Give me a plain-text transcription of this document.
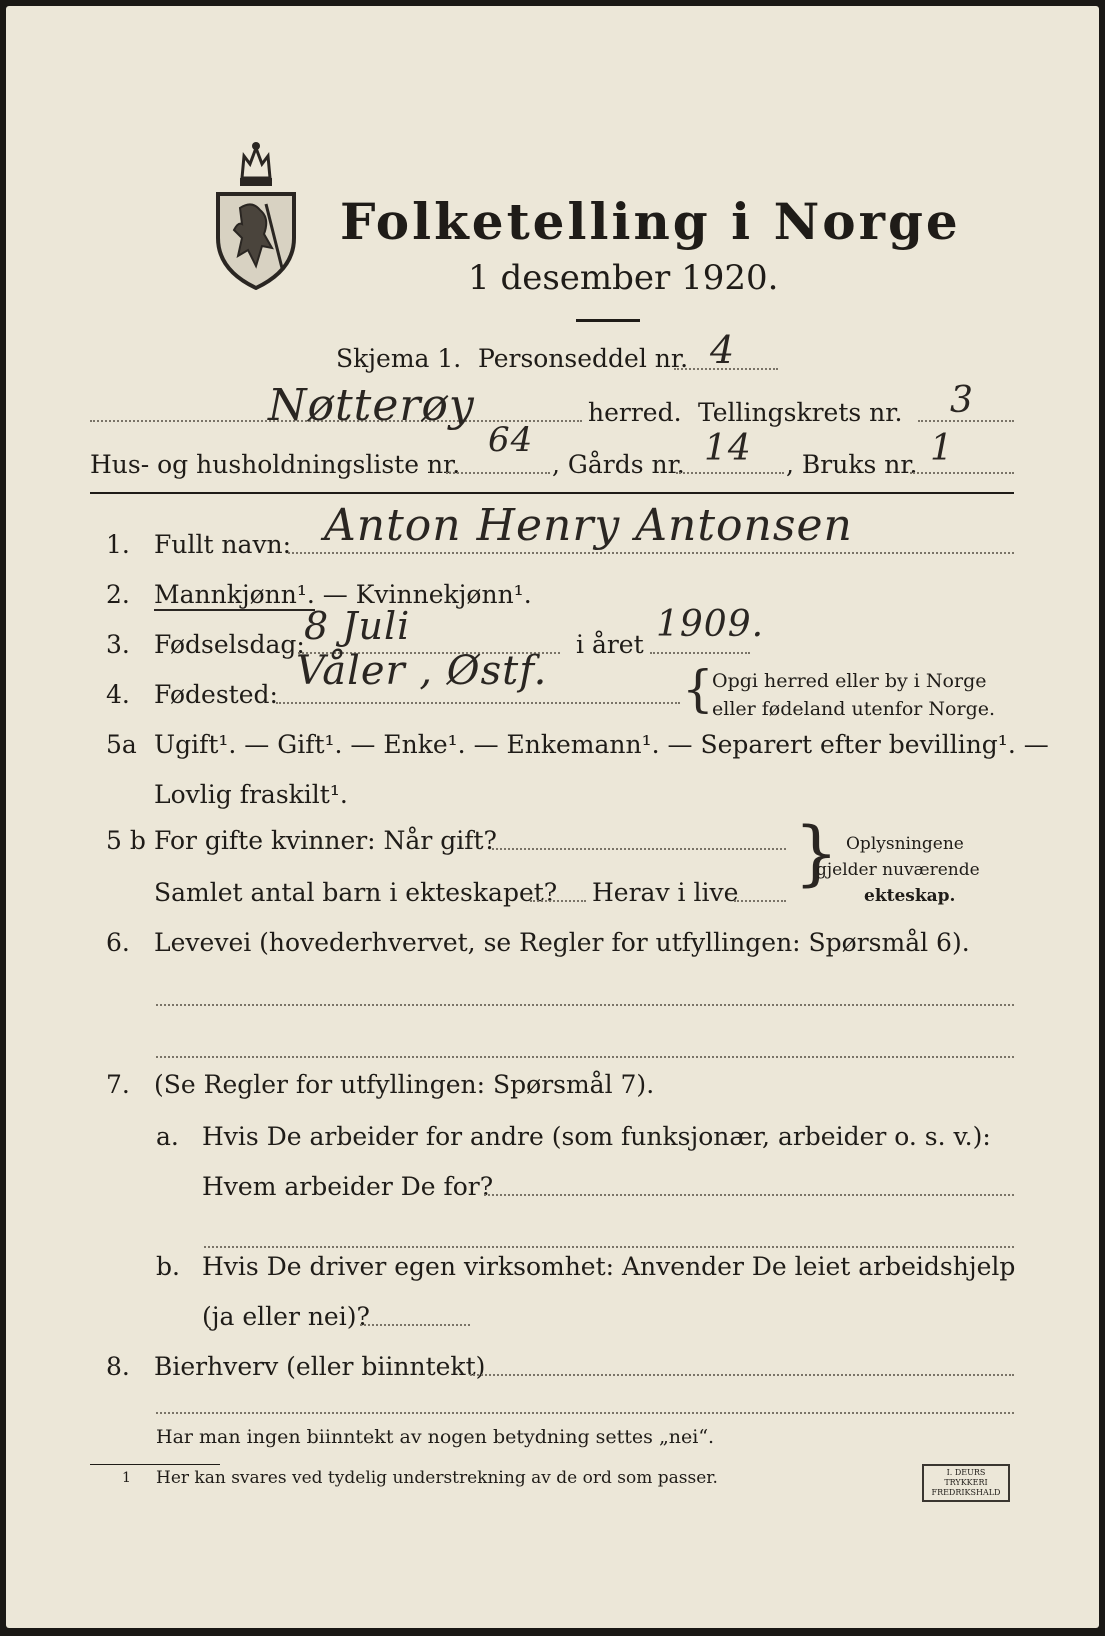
Folketelling i Norge
1 desember 1920.
Skjema 1. Personseddel nr. 4
Nøtterøy	herred. Tellingskrets nr. 3
Hus- og husholdningsliste nr.
64
, Gårds nr. 14 , Bruks nr. 1
1. Fullt navn: Anton Henry Antonsen
2. Mannkjønn¹. — Kvinnekjønn¹.
3. Fødselsdag: 8 Juli	i året 1909.
4. Fødested:
Våler , Østf.	{
Opgi herred eller by i Norge
eller fødeland utenfor Norge.
5a Ugift¹. — Gift¹. — Enke¹. — Enkemann¹. — Separert efter bevilling¹. —
Lovlig fraskilt¹.
5 b For gifte kvinner: Når gift?
Samlet antal barn i ekteskapet? Herav i live } Oplysningene
gjelder nuværende
ekteskap.
6. Levevei (hovederhvervet, se Regler for utfyllingen: Spørsmål 6).
7. (Se Regler for utfyllingen: Spørsmål 7).
a. Hvis De arbeider for andre (som funksjonær, arbeider o. s. v.):
Hvem arbeider De for?
b. Hvis De driver egen virksomhet: Anvender De leiet arbeidshjelp
(ja eller nei)?
8. Bierhverv (eller biinntekt)
Har man ingen biinntekt av nogen betydning settes „nei“.
1 Her kan svares ved tydelig understrekning av de ord som passer.	I. DEURS TRYKKERI
FREDRIKSHALD
